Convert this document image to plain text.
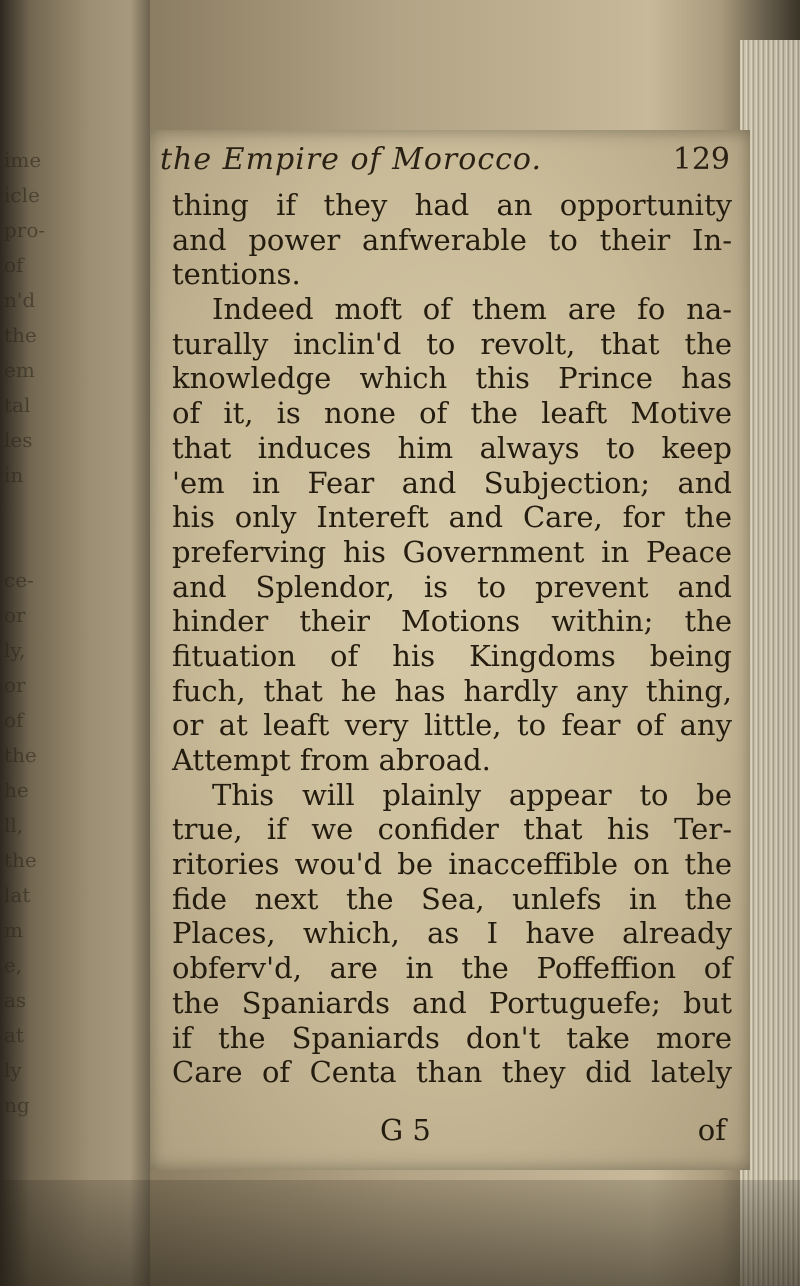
ime
icle
pro-
of
n'd
the
em
tal
les
in
ce-
or
ly,
or
of
the
he
ll,
the
lat
m
e,
as
at
ly
ng
the Empire of Morocco.	129
thing if they had an opportunity
and power anfwerable to their In-
tentions.
Indeed moft of them are fo na-
turally inclin'd to revolt, that the
knowledge which this Prince has
of it, is none of the leaft Motive
that induces him always to keep
'em in Fear and Subjection; and
his only Intereft and Care, for the
preferving his Government in Peace
and Splendor, is to prevent and
hinder their Motions within; the
fituation of his Kingdoms being
fuch, that he has hardly any thing,
or at leaft very little, to fear of any
Attempt from abroad.
This will plainly appear to be
true, if we confider that his Ter-
ritories wou'd be inacceffible on the
fide next the Sea, unlefs in the
Places, which, as I have already
obferv'd, are in the Poffeffion of
the Spaniards and Portuguefe; but
if the Spaniards don't take more
Care of Centa than they did lately
G 5	of
